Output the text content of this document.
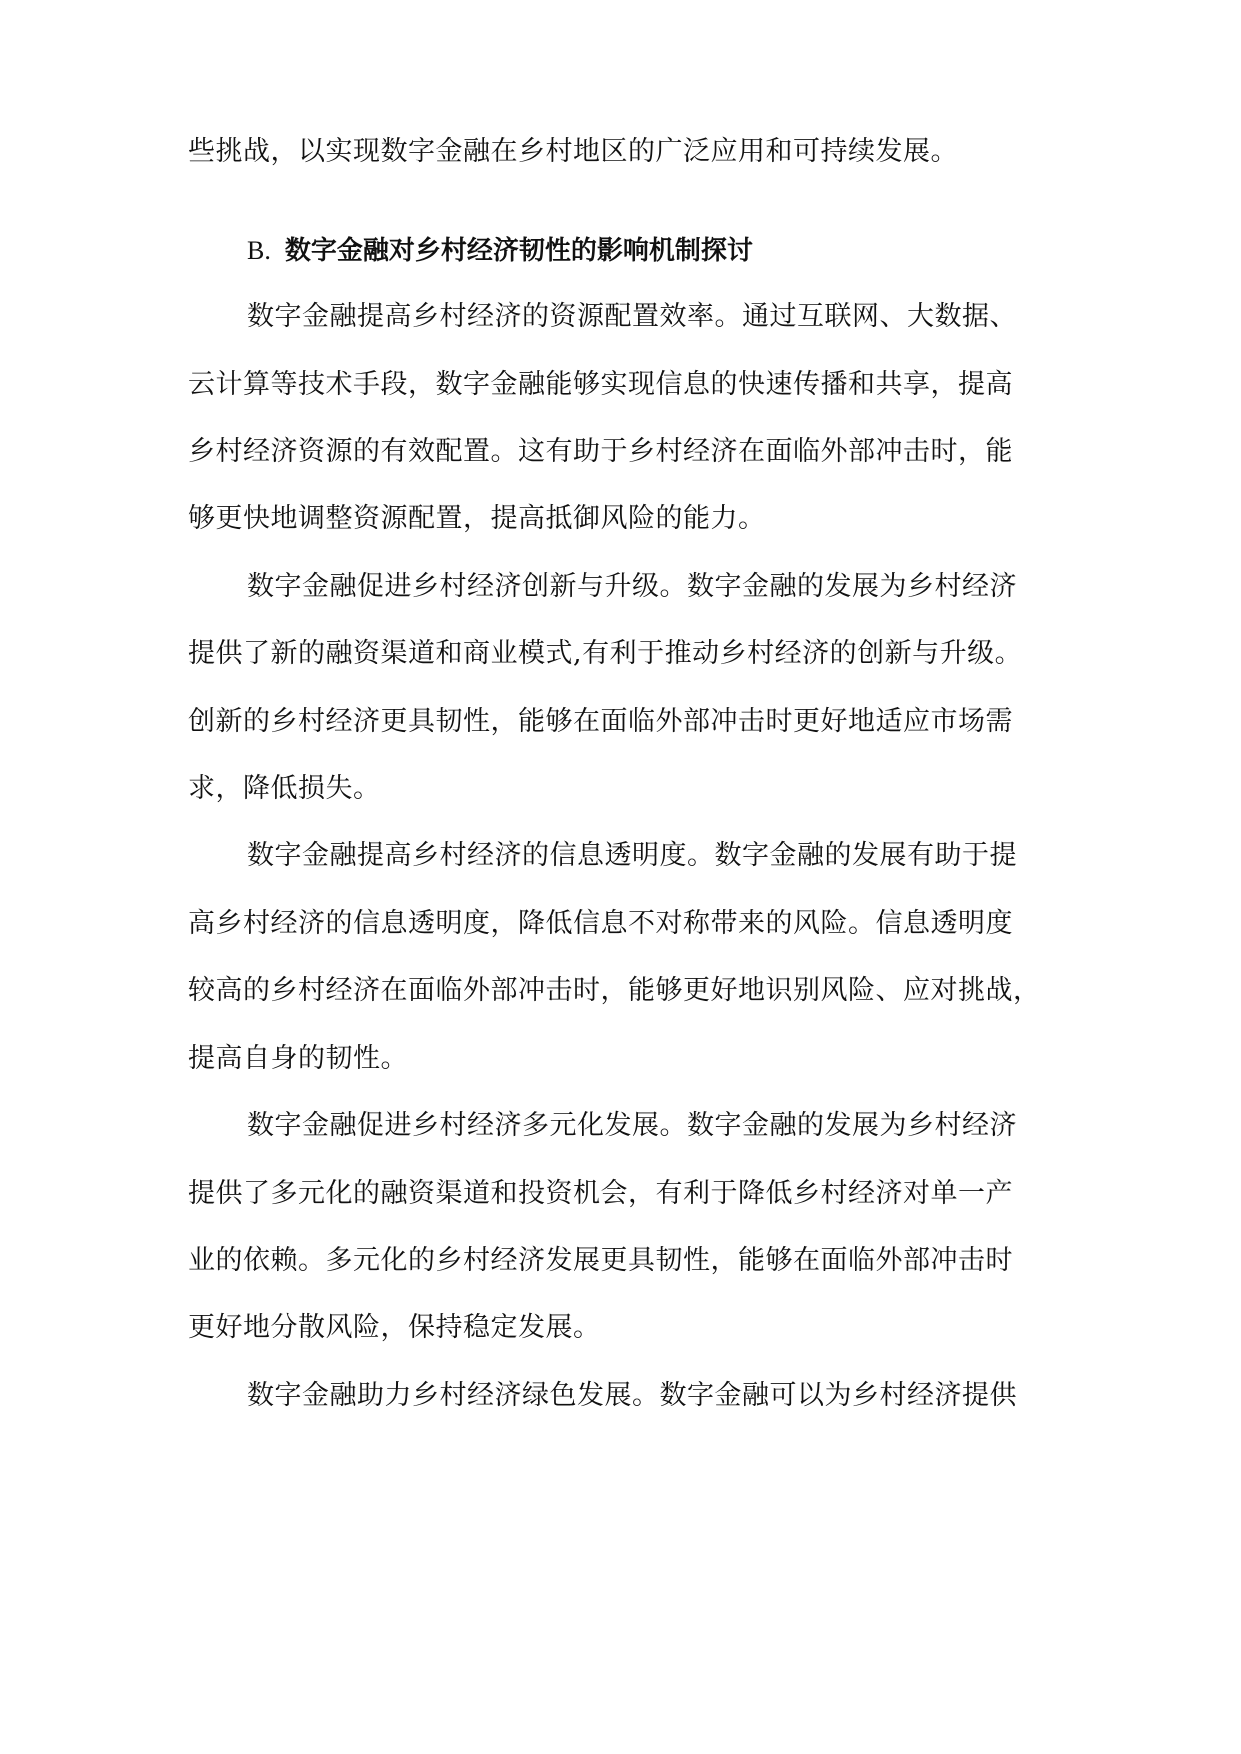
些挑战，以实现数字金融在乡村地区的广泛应用和可持续发展。
B. 数字金融对乡村经济韧性的影响机制探讨
数字金融提高乡村经济的资源配置效率。通过互联网、大数据、
云计算等技术手段，数字金融能够实现信息的快速传播和共享，提高
乡村经济资源的有效配置。这有助于乡村经济在面临外部冲击时，能
够更快地调整资源配置，提高抵御风险的能力。
数字金融促进乡村经济创新与升级。数字金融的发展为乡村经济
提供了新的融资渠道和商业模式,有利于推动乡村经济的创新与升级。
创新的乡村经济更具韧性，能够在面临外部冲击时更好地适应市场需
求，降低损失。
数字金融提高乡村经济的信息透明度。数字金融的发展有助于提
高乡村经济的信息透明度，降低信息不对称带来的风险。信息透明度
较高的乡村经济在面临外部冲击时，能够更好地识别风险、应对挑战，
提高自身的韧性。
数字金融促进乡村经济多元化发展。数字金融的发展为乡村经济
提供了多元化的融资渠道和投资机会，有利于降低乡村经济对单一产
业的依赖。多元化的乡村经济发展更具韧性，能够在面临外部冲击时
更好地分散风险，保持稳定发展。
数字金融助力乡村经济绿色发展。数字金融可以为乡村经济提供
